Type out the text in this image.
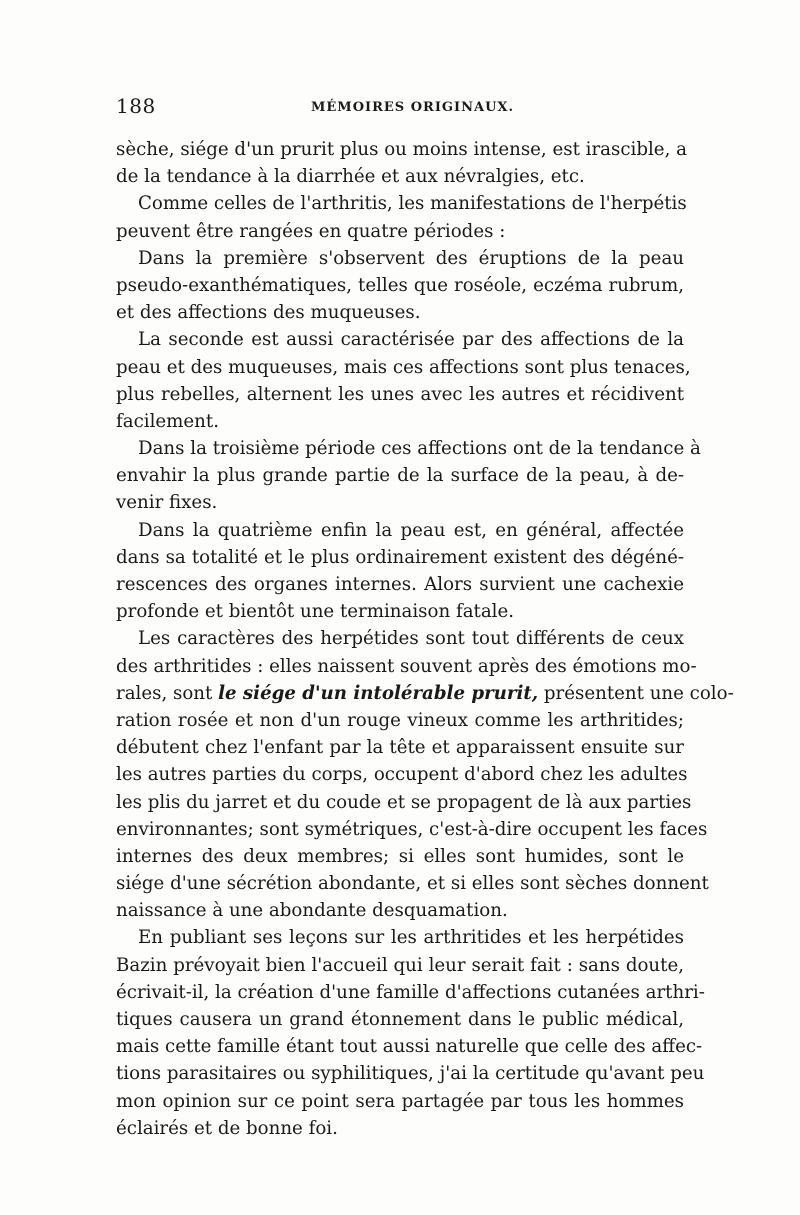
188	MÉMOIRES ORIGINAUX.
sèche, siége d'un prurit plus ou moins intense, est irascible, a
de la tendance à la diarrhée et aux névralgies, etc.
Comme celles de l'arthritis, les manifestations de l'herpétis
peuvent être rangées en quatre périodes :
Dans la première s'observent des éruptions de la peau
pseudo-exanthématiques, telles que roséole, eczéma rubrum,
et des affections des muqueuses.
La seconde est aussi caractérisée par des affections de la
peau et des muqueuses, mais ces affections sont plus tenaces,
plus rebelles, alternent les unes avec les autres et récidivent
facilement.
Dans la troisième période ces affections ont de la tendance à
envahir la plus grande partie de la surface de la peau, à de-
venir fixes.
Dans la quatrième enfin la peau est, en général, affectée
dans sa totalité et le plus ordinairement existent des dégéné-
rescences des organes internes. Alors survient une cachexie
profonde et bientôt une terminaison fatale.
Les caractères des herpétides sont tout différents de ceux
des arthritides : elles naissent souvent après des émotions mo-
rales, sont le siége d'un intolérable prurit, présentent une colo-
ration rosée et non d'un rouge vineux comme les arthritides;
débutent chez l'enfant par la tête et apparaissent ensuite sur
les autres parties du corps, occupent d'abord chez les adultes
les plis du jarret et du coude et se propagent de là aux parties
environnantes; sont symétriques, c'est-à-dire occupent les faces
internes des deux membres; si elles sont humides, sont le
siége d'une sécrétion abondante, et si elles sont sèches donnent
naissance à une abondante desquamation.
En publiant ses leçons sur les arthritides et les herpétides
Bazin prévoyait bien l'accueil qui leur serait fait : sans doute,
écrivait-il, la création d'une famille d'affections cutanées arthri-
tiques causera un grand étonnement dans le public médical,
mais cette famille étant tout aussi naturelle que celle des affec-
tions parasitaires ou syphilitiques, j'ai la certitude qu'avant peu
mon opinion sur ce point sera partagée par tous les hommes
éclairés et de bonne foi.
